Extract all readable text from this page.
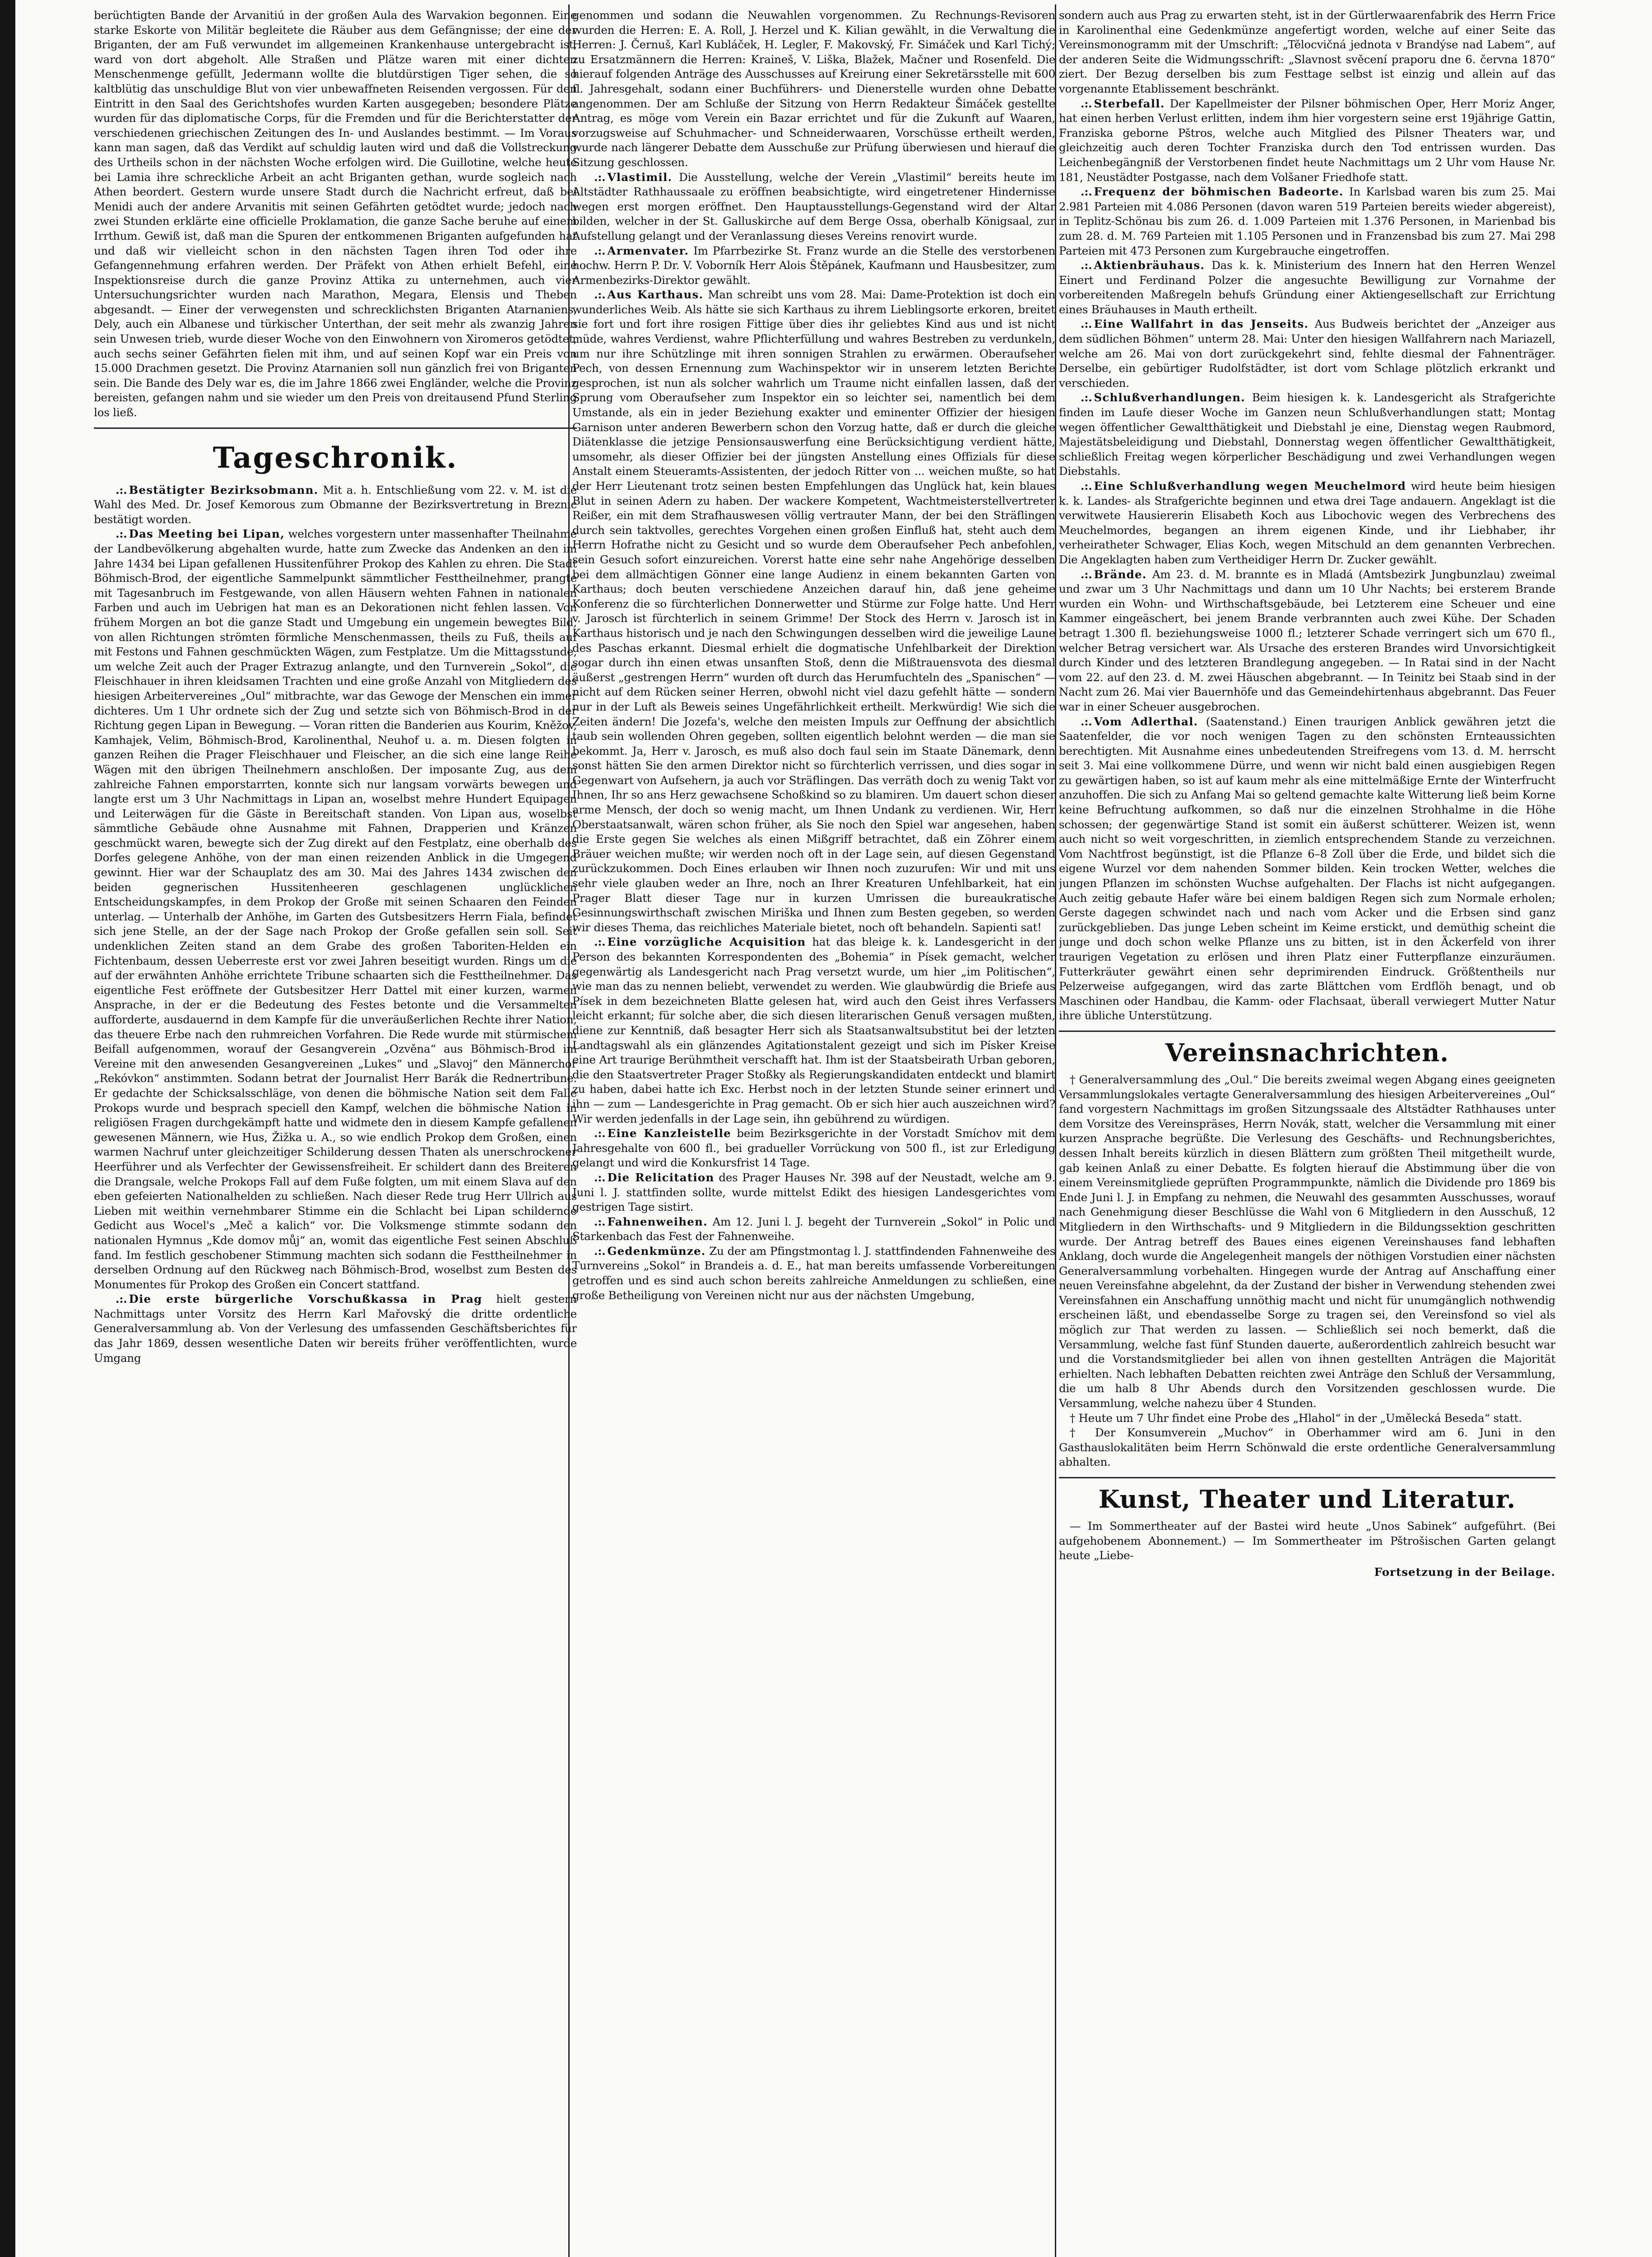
berüchtigten Bande der Arvanitiú in der großen Aula des Warvakion begonnen. Eine starke Eskorte von Militär begleitete die Räuber aus dem Gefängnisse; der eine der Briganten, der am Fuß verwundet im allgemeinen Krankenhause untergebracht ist, ward von dort abgeholt. Alle Straßen und Plätze waren mit einer dichten Menschenmenge gefüllt, Jedermann wollte die blutdürstigen Tiger sehen, die so kaltblütig das unschuldige Blut von vier unbewaffneten Reisenden vergossen. Für den Eintritt in den Saal des Gerichtshofes wurden Karten ausgegeben; besondere Plätze wurden für das diplomatische Corps, für die Fremden und für die Berichterstatter der verschiedenen griechischen Zeitungen des In- und Auslandes bestimmt. — Im Voraus kann man sagen, daß das Verdikt auf schuldig lauten wird und daß die Vollstreckung des Urtheils schon in der nächsten Woche erfolgen wird. Die Guillotine, welche heute bei Lamia ihre schreckliche Arbeit an acht Briganten gethan, wurde sogleich nach Athen beordert. Gestern wurde unsere Stadt durch die Nachricht erfreut, daß bei Menidi auch der andere Arvanitis mit seinen Gefährten getödtet wurde; jedoch nach zwei Stunden erklärte eine officielle Proklamation, die ganze Sache beruhe auf einem Irrthum. Gewiß ist, daß man die Spuren der entkommenen Briganten aufgefunden hat und daß wir vielleicht schon in den nächsten Tagen ihren Tod oder ihre Gefangennehmung erfahren werden. Der Präfekt von Athen erhielt Befehl, eine Inspektionsreise durch die ganze Provinz Attika zu unternehmen, auch vier Untersuchungsrichter wurden nach Marathon, Megara, Elensis und Theben abgesandt. — Einer der verwegensten und schrecklichsten Briganten Atarnaniens, Dely, auch ein Albanese und türkischer Unterthan, der seit mehr als zwanzig Jahren sein Unwesen trieb, wurde dieser Woche von den Einwohnern von Xiromeros getödtet, auch sechs seiner Gefährten fielen mit ihm, und auf seinen Kopf war ein Preis von 15.000 Drachmen gesetzt. Die Provinz Atarnanien soll nun gänzlich frei von Briganten sein. Die Bande des Dely war es, die im Jahre 1866 zwei Engländer, welche die Provinz bereisten, gefangen nahm und sie wieder um den Preis von dreitausend Pfund Sterling los ließ.

Tageschronik.

.:. Bestätigter Bezirksobmann. Mit a. h. Entschließung vom 22. v. M. ist die Wahl des Med. Dr. Josef Kemorous zum Obmanne der Bezirksvertretung in Breznic bestätigt worden.

.:. Das Meeting bei Lipan, welches vorgestern unter massenhafter Theilnahme der Landbevölkerung abgehalten wurde, hatte zum Zwecke das Andenken an den im Jahre 1434 bei Lipan gefallenen Hussitenführer Prokop des Kahlen zu ehren. Die Stadt Böhmisch-Brod, der eigentliche Sammelpunkt sämmtlicher Festtheilnehmer, prangte mit Tagesanbruch im Festgewande, von allen Häusern wehten Fahnen in nationalen Farben und auch im Uebrigen hat man es an Dekorationen nicht fehlen lassen. Von frühem Morgen an bot die ganze Stadt und Umgebung ein ungemein bewegtes Bild, von allen Richtungen strömten förmliche Menschenmassen, theils zu Fuß, theils auf mit Festons und Fahnen geschmückten Wägen, zum Festplatze. Um die Mittagsstunde, um welche Zeit auch der Prager Extrazug anlangte, und den Turnverein „Sokol“, die Fleischhauer in ihren kleidsamen Trachten und eine große Anzahl von Mitgliedern des hiesigen Arbeitervereines „Oul“ mitbrachte, war das Gewoge der Menschen ein immer dichteres. Um 1 Uhr ordnete sich der Zug und setzte sich von Böhmisch-Brod in der Richtung gegen Lipan in Bewegung. — Voran ritten die Banderien aus Kourim, Kněžov, Kamhajek, Velim, Böhmisch-Brod, Karolinenthal, Neuhof u. a. m. Diesen folgten in ganzen Reihen die Prager Fleischhauer und Fleischer, an die sich eine lange Reihe Wägen mit den übrigen Theilnehmern anschloßen. Der imposante Zug, aus dem zahlreiche Fahnen emporstarrten, konnte sich nur langsam vorwärts bewegen und langte erst um 3 Uhr Nachmittags in Lipan an, woselbst mehre Hundert Equipagen und Leiterwägen für die Gäste in Bereitschaft standen. Von Lipan aus, woselbst sämmtliche Gebäude ohne Ausnahme mit Fahnen, Drapperien und Kränzen geschmückt waren, bewegte sich der Zug direkt auf den Festplatz, eine oberhalb des Dorfes gelegene Anhöhe, von der man einen reizenden Anblick in die Umgegend gewinnt. Hier war der Schauplatz des am 30. Mai des Jahres 1434 zwischen den beiden gegnerischen Hussitenheeren geschlagenen unglücklichen Entscheidungskampfes, in dem Prokop der Große mit seinen Schaaren den Feinden unterlag. — Unterhalb der Anhöhe, im Garten des Gutsbesitzers Herrn Fiala, befindet sich jene Stelle, an der der Sage nach Prokop der Große gefallen sein soll. Seit undenklichen Zeiten stand an dem Grabe des großen Taboriten-Helden ein Fichtenbaum, dessen Ueberreste erst vor zwei Jahren beseitigt wurden. Rings um die auf der erwähnten Anhöhe errichtete Tribune schaarten sich die Festtheilnehmer. Das eigentliche Fest eröffnete der Gutsbesitzer Herr Dattel mit einer kurzen, warmen Ansprache, in der er die Bedeutung des Festes betonte und die Versammelten aufforderte, ausdauernd in dem Kampfe für die unveräußerlichen Rechte ihrer Nation, das theuere Erbe nach den ruhmreichen Vorfahren. Die Rede wurde mit stürmischem Beifall aufgenommen, worauf der Gesangverein „Ozvěna“ aus Böhmisch-Brod im Vereine mit den anwesenden Gesangvereinen „Lukes“ und „Slavoj“ den Männerchor „Rekóvkon“ anstimmten. Sodann betrat der Journalist Herr Barák die Rednertribune. Er gedachte der Schicksalsschläge, von denen die böhmische Nation seit dem Falle Prokops wurde und besprach speciell den Kampf, welchen die böhmische Nation in religiösen Fragen durchgekämpft hatte und widmete den in diesem Kampfe gefallenen gewesenen Männern, wie Hus, Žižka u. A., so wie endlich Prokop dem Großen, einen warmen Nachruf unter gleichzeitiger Schilderung dessen Thaten als unerschrockener Heerführer und als Verfechter der Gewissensfreiheit. Er schildert dann des Breiteren die Drangsale, welche Prokops Fall auf dem Fuße folgten, um mit einem Slava auf den eben gefeierten Nationalhelden zu schließen. Nach dieser Rede trug Herr Ullrich aus Lieben mit weithin vernehmbarer Stimme ein die Schlacht bei Lipan schildernde Gedicht aus Wocel's „Meč a kalich“ vor. Die Volksmenge stimmte sodann den nationalen Hymnus „Kde domov můj“ an, womit das eigentliche Fest seinen Abschluß fand. Im festlich geschobener Stimmung machten sich sodann die Festtheilnehmer in derselben Ordnung auf den Rückweg nach Böhmisch-Brod, woselbst zum Besten des Monumentes für Prokop des Großen ein Concert stattfand.

.:. Die erste bürgerliche Vorschußkassa in Prag hielt gestern Nachmittags unter Vorsitz des Herrn Karl Mařovský die dritte ordentliche Generalversammlung ab. Von der Verlesung des umfassenden Geschäftsberichtes für das Jahr 1869, dessen wesentliche Daten wir bereits früher veröffentlichten, wurde Umgang

genommen und sodann die Neuwahlen vorgenommen. Zu Rechnungs-Revisoren wurden die Herren: E. A. Roll, J. Herzel und K. Kilian gewählt, in die Verwaltung die Herren: J. Černuš, Karl Kubláček, H. Legler, F. Makovský, Fr. Simáček und Karl Tichý; zu Ersatzmännern die Herren: Kraineš, V. Liška, Blažek, Mačner und Rosenfeld. Die hierauf folgenden Anträge des Ausschusses auf Kreirung einer Sekretärsstelle mit 600 fl. Jahresgehalt, sodann einer Buchführers- und Dienerstelle wurden ohne Debatte angenommen. Der am Schluße der Sitzung von Herrn Redakteur Šimáček gestellte Antrag, es möge vom Verein ein Bazar errichtet und für die Zukunft auf Waaren, vorzugsweise auf Schuhmacher- und Schneiderwaaren, Vorschüsse ertheilt werden, wurde nach längerer Debatte dem Ausschuße zur Prüfung überwiesen und hierauf die Sitzung geschlossen.

.:. Vlastimil. Die Ausstellung, welche der Verein „Vlastimil“ bereits heute im Altstädter Rathhaussaale zu eröffnen beabsichtigte, wird eingetretener Hindernisse wegen erst morgen eröffnet. Den Hauptausstellungs-Gegenstand wird der Altar bilden, welcher in der St. Galluskirche auf dem Berge Ossa, oberhalb Königsaal, zur Aufstellung gelangt und der Veranlassung dieses Vereins renovirt wurde.

.:. Armenvater. Im Pfarrbezirke St. Franz wurde an die Stelle des verstorbenen hochw. Herrn P. Dr. V. Voborník Herr Alois Štěpánek, Kaufmann und Hausbesitzer, zum Armenbezirks-Direktor gewählt.

.:. Aus Karthaus. Man schreibt uns vom 28. Mai: Dame-Protektion ist doch ein wunderliches Weib. Als hätte sie sich Karthaus zu ihrem Lieblingsorte erkoren, breitet sie fort und fort ihre rosigen Fittige über dies ihr geliebtes Kind aus und ist nicht müde, wahres Verdienst, wahre Pflichterfüllung und wahres Bestreben zu verdunkeln, um nur ihre Schützlinge mit ihren sonnigen Strahlen zu erwärmen. Oberaufseher Pech, von dessen Ernennung zum Wachinspektor wir in unserem letzten Berichte gesprochen, ist nun als solcher wahrlich um Traume nicht einfallen lassen, daß der Sprung vom Oberaufseher zum Inspektor ein so leichter sei, namentlich bei dem Umstande, als ein in jeder Beziehung exakter und eminenter Offizier der hiesigen Garnison unter anderen Bewerbern schon den Vorzug hatte, daß er durch die gleiche Diätenklasse die jetzige Pensionsauswerfung eine Berücksichtigung verdient hätte, umsomehr, als dieser Offizier bei der jüngsten Anstellung eines Offizials für diese Anstalt einem Steueramts-Assistenten, der jedoch Ritter von ... weichen mußte, so hat der Herr Lieutenant trotz seinen besten Empfehlungen das Unglück hat, kein blaues Blut in seinen Adern zu haben. Der wackere Kompetent, Wachtmeisterstellvertreter Reißer, ein mit dem Strafhauswesen völlig vertrauter Mann, der bei den Sträflingen durch sein taktvolles, gerechtes Vorgehen einen großen Einfluß hat, steht auch dem Herrn Hofrathe nicht zu Gesicht und so wurde dem Oberaufseher Pech anbefohlen, sein Gesuch sofort einzureichen. Vorerst hatte eine sehr nahe Angehörige desselben bei dem allmächtigen Gönner eine lange Audienz in einem bekannten Garten von Karthaus; doch beuten verschiedene Anzeichen darauf hin, daß jene geheime Konferenz die so fürchterlichen Donnerwetter und Stürme zur Folge hatte. Und Herr v. Jarosch ist fürchterlich in seinem Grimme! Der Stock des Herrn v. Jarosch ist in Karthaus historisch und je nach den Schwingungen desselben wird die jeweilige Laune des Paschas erkannt. Diesmal erhielt die dogmatische Unfehlbarkeit der Direktion sogar durch ihn einen etwas unsanften Stoß, denn die Mißtrauensvota des diesmal äußerst „gestrengen Herrn“ wurden oft durch das Herumfuchteln des „Spanischen“ — nicht auf dem Rücken seiner Herren, obwohl nicht viel dazu gefehlt hätte — sondern nur in der Luft als Beweis seines Ungefährlichkeit ertheilt. Merkwürdig! Wie sich die Zeiten ändern! Die Jozefa's, welche den meisten Impuls zur Oeffnung der absichtlich taub sein wollenden Ohren gegeben, sollten eigentlich belohnt werden — die man sie bekommt. Ja, Herr v. Jarosch, es muß also doch faul sein im Staate Dänemark, denn sonst hätten Sie den armen Direktor nicht so fürchterlich verrissen, und dies sogar in Gegenwart von Aufsehern, ja auch vor Sträflingen. Das verräth doch zu wenig Takt vor Ihnen, Ihr so ans Herz gewachsene Schoßkind so zu blamiren. Um dauert schon dieser arme Mensch, der doch so wenig macht, um Ihnen Undank zu verdienen. Wir, Herr Oberstaatsanwalt, wären schon früher, als Sie noch den Spiel war angesehen, haben die Erste gegen Sie welches als einen Mißgriff betrachtet, daß ein Zöhrer einem Bräuer weichen mußte; wir werden noch oft in der Lage sein, auf diesen Gegenstand zurückzukommen. Doch Eines erlauben wir Ihnen noch zuzurufen: Wir und mit uns sehr viele glauben weder an Ihre, noch an Ihrer Kreaturen Unfehlbarkeit, hat ein Prager Blatt dieser Tage nur in kurzen Umrissen die bureaukratische Gesinnungswirthschaft zwischen Miriška und Ihnen zum Besten gegeben, so werden wir dieses Thema, das reichliches Materiale bietet, noch oft behandeln. Sapienti sat!

.:. Eine vorzügliche Acquisition hat das bleige k. k. Landesgericht in der Person des bekannten Korrespondenten des „Bohemia“ in Písek gemacht, welcher gegenwärtig als Landesgericht nach Prag versetzt wurde, um hier „im Politischen“, wie man das zu nennen beliebt, verwendet zu werden. Wie glaubwürdig die Briefe aus Písek in dem bezeichneten Blatte gelesen hat, wird auch den Geist ihres Verfassers leicht erkannt; für solche aber, die sich diesen literarischen Genuß versagen mußten, diene zur Kenntniß, daß besagter Herr sich als Staatsanwaltsubstitut bei der letzten Landtagswahl als ein glänzendes Agitationstalent gezeigt und sich im Písker Kreise eine Art traurige Berühmtheit verschafft hat. Ihm ist der Staatsbeirath Urban geboren, die den Staatsvertreter Prager Stoßky als Regierungskandidaten entdeckt und blamirt zu haben, dabei hatte ich Exc. Herbst noch in der letzten Stunde seiner erinnert und ihn — zum — Landesgerichte in Prag gemacht. Ob er sich hier auch auszeichnen wird? Wir werden jedenfalls in der Lage sein, ihn gebührend zu würdigen.

.:. Eine Kanzleistelle beim Bezirksgerichte in der Vorstadt Smíchov mit dem Jahresgehalte von 600 fl., bei gradueller Vorrückung von 500 fl., ist zur Erledigung gelangt und wird die Konkursfrist 14 Tage.

.:. Die Relicitation des Prager Hauses Nr. 398 auf der Neustadt, welche am 9. Juni l. J. stattfinden sollte, wurde mittelst Edikt des hiesigen Landesgerichtes vom gestrigen Tage sistirt.

.:. Fahnenweihen. Am 12. Juni l. J. begeht der Turnverein „Sokol“ in Polic und Starkenbach das Fest der Fahnenweihe.

.:. Gedenkmünze. Zu der am Pfingstmontag l. J. stattfindenden Fahnenweihe des Turnvereins „Sokol“ in Brandeis a. d. E., hat man bereits umfassende Vorbereitungen getroffen und es sind auch schon bereits zahlreiche Anmeldungen zu schließen, eine große Betheiligung von Vereinen nicht nur aus der nächsten Umgebung,

sondern auch aus Prag zu erwarten steht, ist in der Gürtlerwaarenfabrik des Herrn Frice in Karolinenthal eine Gedenkmünze angefertigt worden, welche auf einer Seite das Vereinsmonogramm mit der Umschrift: „Tělocvičná jednota v Brandýse nad Labem“, auf der anderen Seite die Widmungsschrift: „Slavnost svěcení praporu dne 6. června 1870“ ziert. Der Bezug derselben bis zum Festtage selbst ist einzig und allein auf das vorgenannte Etablissement beschränkt.

.:. Sterbefall. Der Kapellmeister der Pilsner böhmischen Oper, Herr Moriz Anger, hat einen herben Verlust erlitten, indem ihm hier vorgestern seine erst 19jährige Gattin, Franziska geborne Pštros, welche auch Mitglied des Pilsner Theaters war, und gleichzeitig auch deren Tochter Franziska durch den Tod entrissen wurden. Das Leichenbegängniß der Verstorbenen findet heute Nachmittags um 2 Uhr vom Hause Nr. 181, Neustädter Postgasse, nach dem Volšaner Friedhofe statt.

.:. Frequenz der böhmischen Badeorte. In Karlsbad waren bis zum 25. Mai 2.981 Parteien mit 4.086 Personen (davon waren 519 Parteien bereits wieder abgereist), in Teplitz-Schönau bis zum 26. d. 1.009 Parteien mit 1.376 Personen, in Marienbad bis zum 28. d. M. 769 Parteien mit 1.105 Personen und in Franzensbad bis zum 27. Mai 298 Parteien mit 473 Personen zum Kurgebrauche eingetroffen.

.:. Aktienbräuhaus. Das k. k. Ministerium des Innern hat den Herren Wenzel Einert und Ferdinand Polzer die angesuchte Bewilligung zur Vornahme der vorbereitenden Maßregeln behufs Gründung einer Aktiengesellschaft zur Errichtung eines Bräuhauses in Mauth ertheilt.

.:. Eine Wallfahrt in das Jenseits. Aus Budweis berichtet der „Anzeiger aus dem südlichen Böhmen“ unterm 28. Mai: Unter den hiesigen Wallfahrern nach Mariazell, welche am 26. Mai von dort zurückgekehrt sind, fehlte diesmal der Fahnenträger. Derselbe, ein gebürtiger Rudolfstädter, ist dort vom Schlage plötzlich erkrankt und verschieden.

.:. Schlußverhandlungen. Beim hiesigen k. k. Landesgericht als Strafgerichte finden im Laufe dieser Woche im Ganzen neun Schlußverhandlungen statt; Montag wegen öffentlicher Gewaltthätigkeit und Diebstahl je eine, Dienstag wegen Raubmord, Majestätsbeleidigung und Diebstahl, Donnerstag wegen öffentlicher Gewaltthätigkeit, schließlich Freitag wegen körperlicher Beschädigung und zwei Verhandlungen wegen Diebstahls.

.:. Eine Schlußverhandlung wegen Meuchelmord wird heute beim hiesigen k. k. Landes- als Strafgerichte beginnen und etwa drei Tage andauern. Angeklagt ist die verwitwete Hausiererin Elisabeth Koch aus Libochovic wegen des Verbrechens des Meuchelmordes, begangen an ihrem eigenen Kinde, und ihr Liebhaber, ihr verheiratheter Schwager, Elias Koch, wegen Mitschuld an dem genannten Verbrechen. Die Angeklagten haben zum Vertheidiger Herrn Dr. Zucker gewählt.

.:. Brände. Am 23. d. M. brannte es in Mladá (Amtsbezirk Jungbunzlau) zweimal und zwar um 3 Uhr Nachmittags und dann um 10 Uhr Nachts; bei ersterem Brande wurden ein Wohn- und Wirthschaftsgebäude, bei Letzterem eine Scheuer und eine Kammer eingeäschert, bei jenem Brande verbrannten auch zwei Kühe. Der Schaden betragt 1.300 fl. beziehungsweise 1000 fl.; letzterer Schade verringert sich um 670 fl., welcher Betrag versichert war. Als Ursache des ersteren Brandes wird Unvorsichtigkeit durch Kinder und des letzteren Brandlegung angegeben. — In Ratai sind in der Nacht vom 22. auf den 23. d. M. zwei Häuschen abgebrannt. — In Teinitz bei Staab sind in der Nacht zum 26. Mai vier Bauernhöfe und das Gemeindehirtenhaus abgebrannt. Das Feuer war in einer Scheuer ausgebrochen.

.:. Vom Adlerthal. (Saatenstand.) Einen traurigen Anblick gewähren jetzt die Saatenfelder, die vor noch wenigen Tagen zu den schönsten Ernteaussichten berechtigten. Mit Ausnahme eines unbedeutenden Streifregens vom 13. d. M. herrscht seit 3. Mai eine vollkommene Dürre, und wenn wir nicht bald einen ausgiebigen Regen zu gewärtigen haben, so ist auf kaum mehr als eine mittelmäßige Ernte der Winterfrucht anzuhoffen. Die sich zu Anfang Mai so geltend gemachte kalte Witterung ließ beim Korne keine Befruchtung aufkommen, so daß nur die einzelnen Strohhalme in die Höhe schossen; der gegenwärtige Stand ist somit ein äußerst schütterer. Weizen ist, wenn auch nicht so weit vorgeschritten, in ziemlich entsprechendem Stande zu verzeichnen. Vom Nachtfrost begünstigt, ist die Pflanze 6–8 Zoll über die Erde, und bildet sich die eigene Wurzel vor dem nahenden Sommer bilden. Kein trocken Wetter, welches die jungen Pflanzen im schönsten Wuchse aufgehalten. Der Flachs ist nicht aufgegangen. Auch zeitig gebaute Hafer wäre bei einem baldigen Regen sich zum Normale erholen; Gerste dagegen schwindet nach und nach vom Acker und die Erbsen sind ganz zurückgeblieben. Das junge Leben scheint im Keime erstickt, und demüthig scheint die junge und doch schon welke Pflanze uns zu bitten, ist in den Äckerfeld von ihrer traurigen Vegetation zu erlösen und ihren Platz einer Futterpflanze einzuräumen. Futterkräuter gewährt einen sehr deprimirenden Eindruck. Größtentheils nur Pelzerweise aufgegangen, wird das zarte Blättchen vom Erdflöh benagt, und ob Maschinen oder Handbau, die Kamm- oder Flachsaat, überall verwiegert Mutter Natur ihre übliche Unterstützung.

Vereinsnachrichten.

† Generalversammlung des „Oul.“ Die bereits zweimal wegen Abgang eines geeigneten Versammlungslokales vertagte Generalversammlung des hiesigen Arbeitervereines „Oul“ fand vorgestern Nachmittags im großen Sitzungssaale des Altstädter Rathhauses unter dem Vorsitze des Vereinspräses, Herrn Novák, statt, welcher die Versammlung mit einer kurzen Ansprache begrüßte. Die Verlesung des Geschäfts- und Rechnungsberichtes, dessen Inhalt bereits kürzlich in diesen Blättern zum größten Theil mitgetheilt wurde, gab keinen Anlaß zu einer Debatte. Es folgten hierauf die Abstimmung über die von einem Vereinsmitgliede geprüften Programmpunkte, nämlich die Dividende pro 1869 bis Ende Juni l. J. in Empfang zu nehmen, die Neuwahl des gesammten Ausschusses, worauf nach Genehmigung dieser Beschlüsse die Wahl von 6 Mitgliedern in den Ausschuß, 12 Mitgliedern in den Wirthschafts- und 9 Mitgliedern in die Bildungssektion geschritten wurde. Der Antrag betreff des Baues eines eigenen Vereinshauses fand lebhaften Anklang, doch wurde die Angelegenheit mangels der nöthigen Vorstudien einer nächsten Generalversammlung vorbehalten. Hingegen wurde der Antrag auf Anschaffung einer neuen Vereinsfahne abgelehnt, da der Zustand der bisher in Verwendung stehenden zwei Vereinsfahnen ein Anschaffung unnöthig macht und nicht für unumgänglich nothwendig erscheinen läßt, und ebendasselbe Sorge zu tragen sei, den Vereinsfond so viel als möglich zur That werden zu lassen. — Schließlich sei noch bemerkt, daß die Versammlung, welche fast fünf Stunden dauerte, außerordentlich zahlreich besucht war und die Vorstandsmitglieder bei allen von ihnen gestellten Anträgen die Majorität erhielten. Nach lebhaften Debatten reichten zwei Anträge den Schluß der Versammlung, die um halb 8 Uhr Abends durch den Vorsitzenden geschlossen wurde. Die Versammlung, welche nahezu über 4 Stunden.

† Heute um 7 Uhr findet eine Probe des „Hlahol“ in der „Umělecká Beseda“ statt.

† Der Konsumverein „Muchov“ in Oberhammer wird am 6. Juni in den Gasthauslokalitäten beim Herrn Schönwald die erste ordentliche Generalversammlung abhalten.

Kunst, Theater und Literatur.

— Im Sommertheater auf der Bastei wird heute „Unos Sabinek“ aufgeführt. (Bei aufgehobenem Abonnement.) — Im Sommertheater im Pštrošischen Garten gelangt heute „Liebe-

Fortsetzung in der Beilage.
